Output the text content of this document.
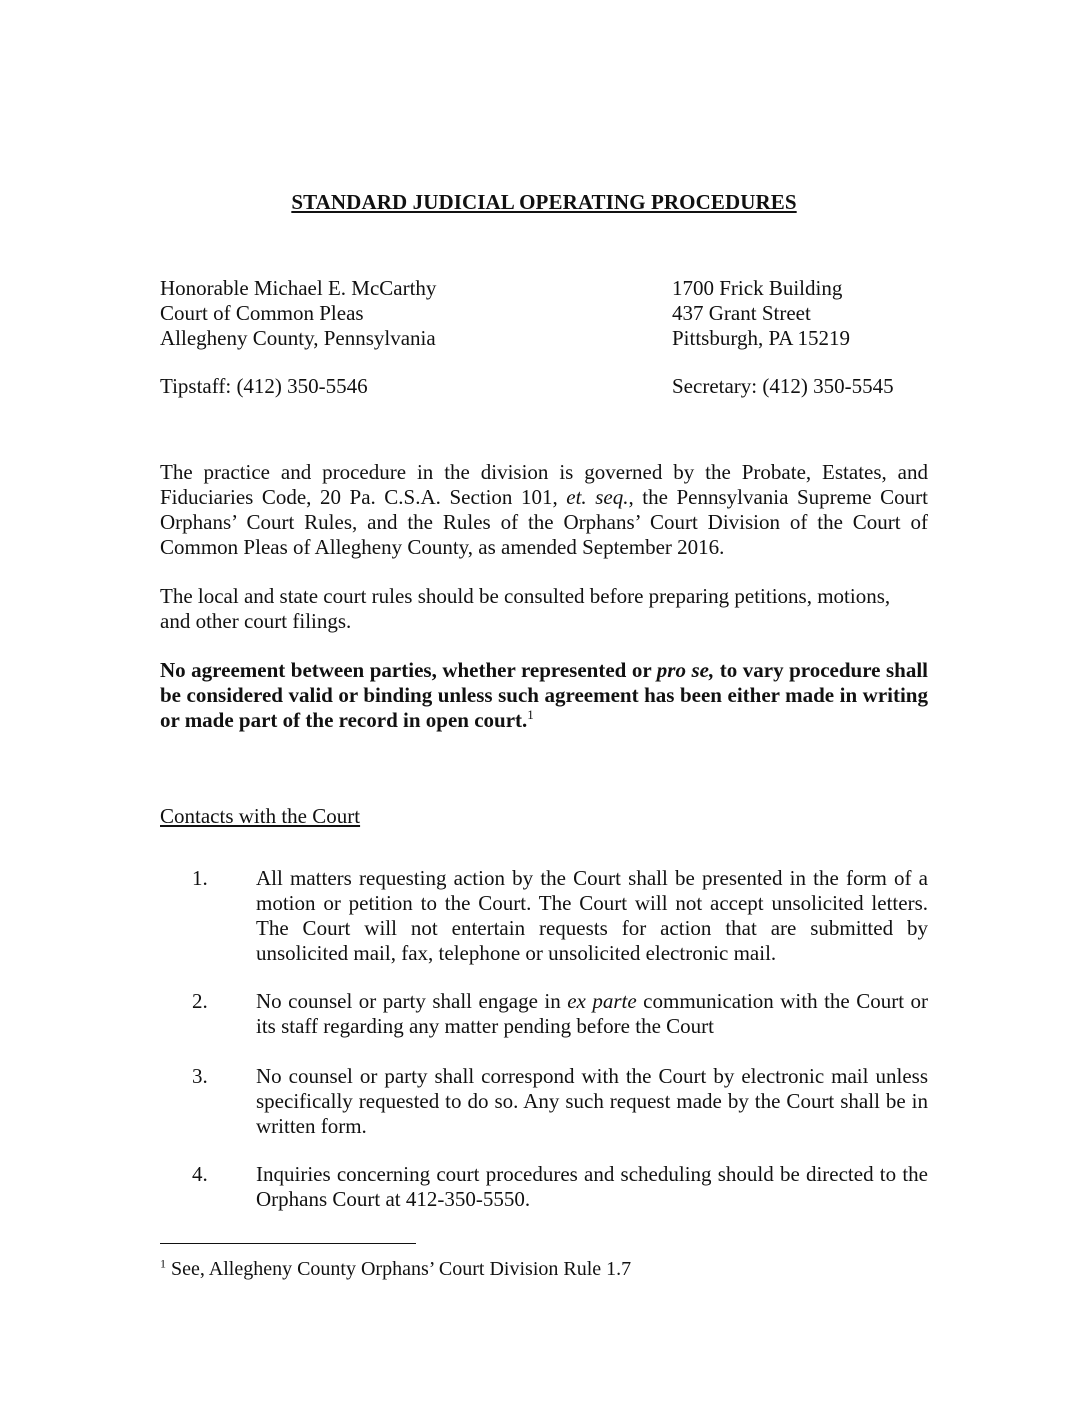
STANDARD JUDICIAL OPERATING PROCEDURES
Honorable Michael E. McCarthy
Court of Common Pleas
Allegheny County, Pennsylvania
1700 Frick Building
437 Grant Street
Pittsburgh, PA 15219
Tipstaff: (412) 350-5546	Secretary: (412) 350-5545
The practice and procedure in the division is governed by the Probate, Estates, and Fiduciaries Code, 20 Pa. C.S.A. Section 101, et. seq., the Pennsylvania Supreme Court Orphans’ Court Rules, and the Rules of the Orphans’ Court Division of the Court of Common Pleas of Allegheny County, as amended September 2016.
The local and state court rules should be consulted before preparing petitions, motions, and other court filings.
No agreement between parties, whether represented or pro se, to vary procedure shall be considered valid or binding unless such agreement has been either made in writing or made part of the record in open court.$^1$
Contacts with the Court
1. All matters requesting action by the Court shall be presented in the form of a motion or petition to the Court. The Court will not accept unsolicited letters. The Court will not entertain requests for action that are submitted by unsolicited mail, fax, telephone or unsolicited electronic mail.
2. No counsel or party shall engage in ex parte communication with the Court or its staff regarding any matter pending before the Court
3. No counsel or party shall correspond with the Court by electronic mail unless specifically requested to do so. Any such request made by the Court shall be in written form.
4. Inquiries concerning court procedures and scheduling should be directed to the Orphans Court at 412-350-5550.
$^1$ See, Allegheny County Orphans’ Court Division Rule 1.7
